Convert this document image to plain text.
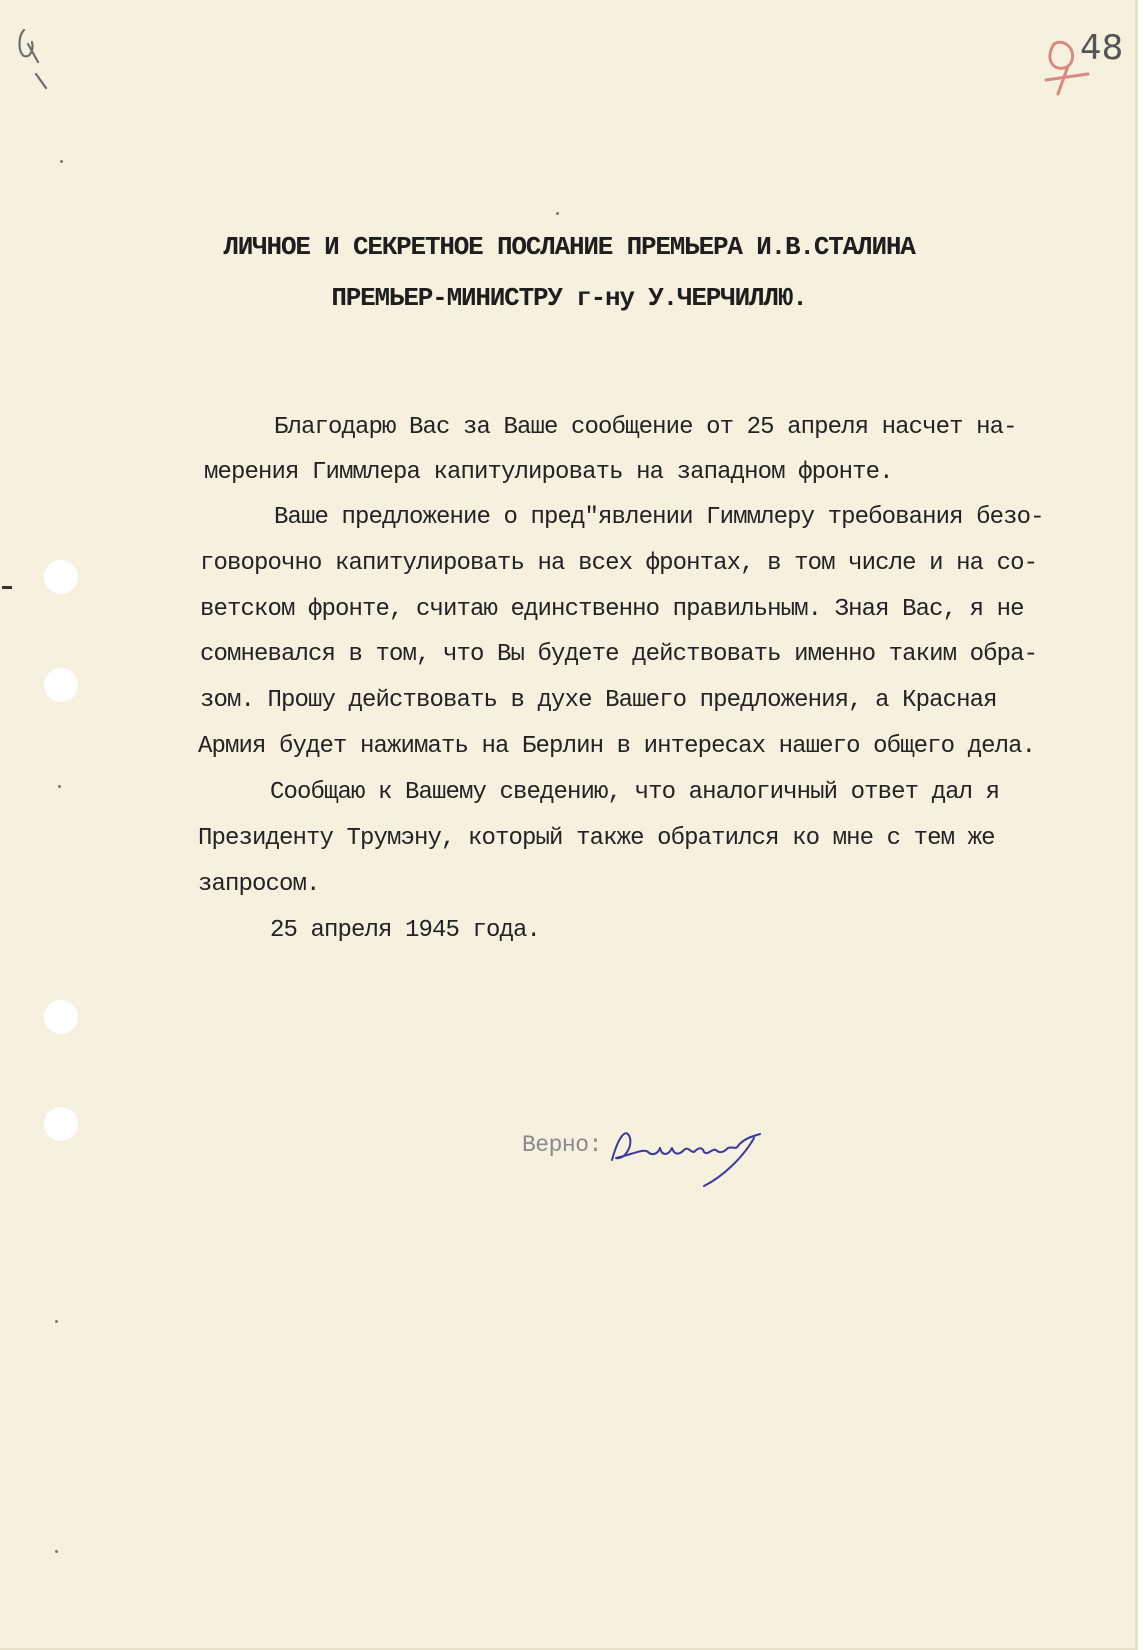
48
ЛИЧНОЕ И СЕКРЕТНОЕ ПОСЛАНИЕ ПРЕМЬЕРА И.В.СТАЛИНА
ПРЕМЬЕР-МИНИСТРУ г-ну У.ЧЕРЧИЛЛЮ.
Благодарю Вас за Ваше сообщение от 25 апреля насчет на-
мерения Гиммлера капитулировать на западном фронте.
Ваше предложение о пред"явлении Гиммлеру требования безо-
говорочно капитулировать на всех фронтах, в том числе и на со-
ветском фронте, считаю единственно правильным. Зная Вас, я не
сомневался в том, что Вы будете действовать именно таким обра-
зом. Прошу действовать в духе Вашего предложения, а Красная
Армия будет нажимать на Берлин в интересах нашего общего дела.
Сообщаю к Вашему сведению, что аналогичный ответ дал я
Президенту Трумэну, который также обратился ко мне с тем же
запросом.
25 апреля 1945 года.
Верно:
